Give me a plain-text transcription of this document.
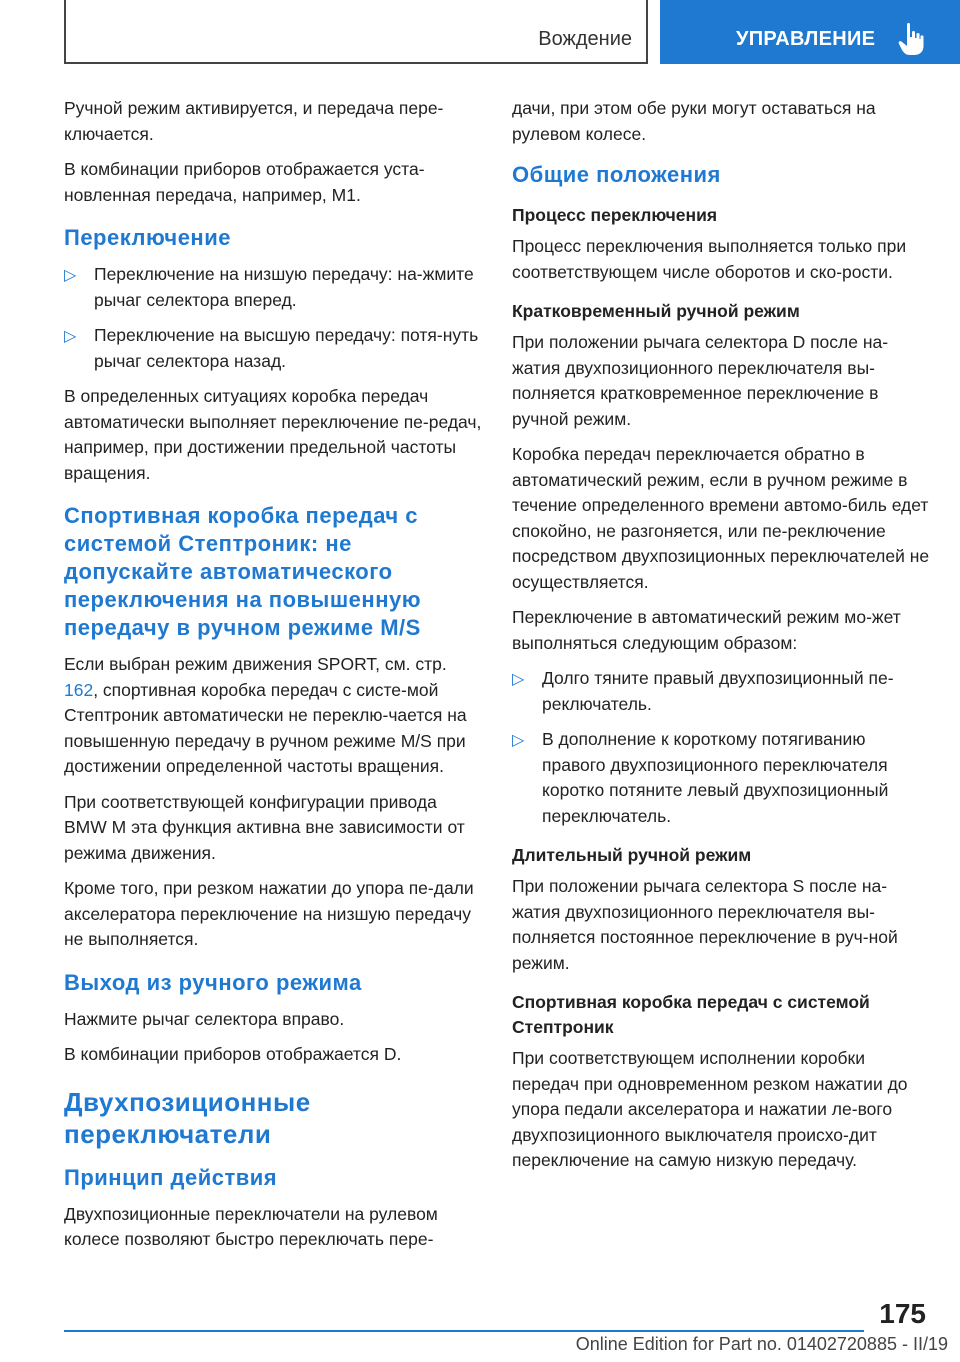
Вождение	УПРАВЛЕНИЕ

Ручной режим активируется, и передача пере-ключается.

В комбинации приборов отображается уста-новленная передача, например, M1.

Переключение
▷ Переключение на низшую передачу: на-жмите рычаг селектора вперед.
▷ Переключение на высшую передачу: потя-нуть рычаг селектора назад.

В определенных ситуациях коробка передач автоматически выполняет переключение пе-редач, например, при достижении предельной частоты вращения.

Спортивная коробка передач с системой Стептроник: не допускайте автоматического переключения на повышенную передачу в ручном режиме M/S

Если выбран режим движения SPORT, см. стр. 162, спортивная коробка передач с систе-мой Стептроник автоматически не переклю-чается на повышенную передачу в ручном режиме M/S при достижении определенной частоты вращения.

При соответствующей конфигурации привода BMW M эта функция активна вне зависимости от режима движения.

Кроме того, при резком нажатии до упора пе-дали акселератора переключение на низшую передачу не выполняется.

Выход из ручного режима

Нажмите рычаг селектора вправо.

В комбинации приборов отображается D.

Двухпозиционные переключатели
Принцип действия

Двухпозиционные переключатели на рулевом колесе позволяют быстро переключать пере-

дачи, при этом обе руки могут оставаться на рулевом колесе.

Общие положения
Процесс переключения

Процесс переключения выполняется только при соответствующем числе оборотов и ско-рости.

Кратковременный ручной режим

При положении рычага селектора D после на-жатия двухпозиционного переключателя вы-полняется кратковременное переключение в ручной режим.

Коробка передач переключается обратно в автоматический режим, если в ручном режиме в течение определенного времени автомо-биль едет спокойно, не разгоняется, или пе-реключение посредством двухпозиционных переключателей не осуществляется.

Переключение в автоматический режим мо-жет выполняться следующим образом:

▷ Долго тяните правый двухпозиционный пе-реключатель.
▷ В дополнение к короткому потягиванию правого двухпозиционного переключателя коротко потяните левый двухпозиционный переключатель.
Длительный ручной режим

При положении рычага селектора S после на-жатия двухпозиционного переключателя вы-полняется постоянное переключение в руч-ной режим.

Спортивная коробка передач с системой Стептроник

При соответствующем исполнении коробки передач при одновременном резком нажатии до упора педали акселератора и нажатии ле-вого двухпозиционного выключателя происхо-дит переключение на самую низкую передачу.

175
Online Edition for Part no. 01402720885 - II/19
